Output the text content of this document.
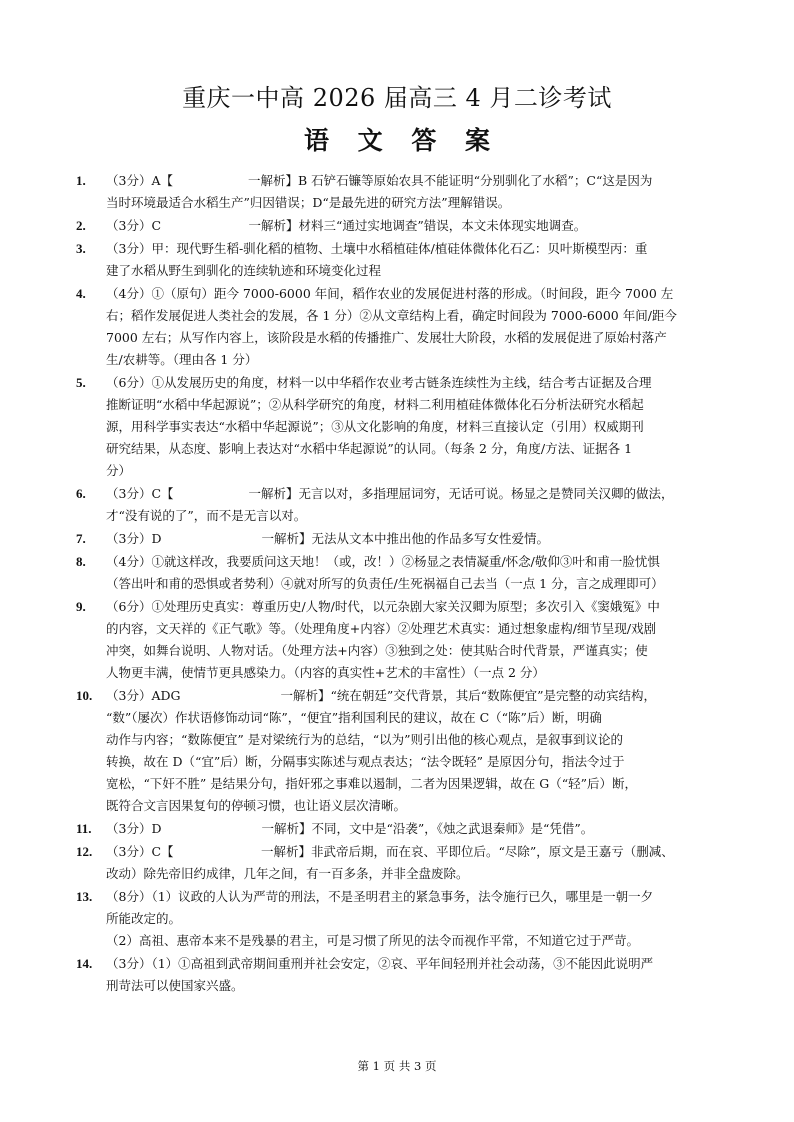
重庆一中高 2026 届高三 4 月二诊考试
语 文 答 案
1. （3分）A【　　　　　　一解析】B 石铲石镰等原始农具不能证明“分别驯化了水稻”；C“这是因为
当时环境最适合水稻生产”归因错误；D“是最先进的研究方法”理解错误。
2. （3分）C　　　　　　　一解析】材料三“通过实地调查”错误，本文未体现实地调查。
3. （3分）甲：现代野生稻-驯化稻的植物、土壤中水稻植硅体/植硅体微体化石乙：贝叶斯模型丙：重
建了水稻从野生到驯化的连续轨迹和环境变化过程
4. （4分）①（原句）距今 7000-6000 年间，稻作农业的发展促进村落的形成。（时间段，距今 7000 左
右；稻作发展促进人类社会的发展，各 1 分）②从文章结构上看，确定时间段为 7000-6000 年间/距今
7000 左右；从写作内容上，该阶段是水稻的传播推广、发展壮大阶段，水稻的发展促进了原始村落产
生/农耕等。（理由各 1 分）
5. （6分）①从发展历史的角度，材料一以中华稻作农业考古链条连续性为主线，结合考古证据及合理
推断证明“水稻中华起源说”；②从科学研究的角度，材料二利用植硅体微体化石分析法研究水稻起
源，用科学事实表达“水稻中华起源说”；③从文化影响的角度，材料三直接认定（引用）权威期刊
研究结果，从态度、影响上表达对“水稻中华起源说”的认同。（每条 2 分，角度/方法、证据各 1
分）
6. （3分）C【　　　　　　一解析】无言以对，多指理屈词穷，无话可说。杨显之是赞同关汉卿的做法，
才“没有说的了”，而不是无言以对。
7. （3分）D　　　　　　　　一解析】无法从文本中推出他的作品多写女性爱情。
8. （4分）①就这样改，我要质问这天地！（或，改！）②杨显之表情凝重/怀念/敬仰③叶和甫一脸忧惧
（答出叶和甫的恐惧或者势利）④就对所写的负责任/生死祸福自己去当（一点 1 分，言之成理即可）
9. （6分）①处理历史真实：尊重历史/人物/时代，以元杂剧大家关汉卿为原型；多次引入《窦娥冤》中
的内容，文天祥的《正气歌》等。（处理角度+内容）②处理艺术真实：通过想象虚构/细节呈现/戏剧
冲突，如舞台说明、人物对话。（处理方法+内容）③独到之处：使其贴合时代背景，严谨真实；使
人物更丰满，使情节更具感染力。（内容的真实性+艺术的丰富性）（一点 2 分）
10. （3分）ADG　　　　　　　　一解析】“统在朝廷”交代背景，其后“数陈便宜”是完整的动宾结构，
“数”（屡次）作状语修饰动词“陈”，“便宜”指利国利民的建议，故在 C（“陈”后）断，明确
动作与内容；“数陈便宜” 是对梁统行为的总结，“以为”则引出他的核心观点，是叙事到议论的
转换，故在 D（“宜”后）断，分隔事实陈述与观点表达；“法令既轻” 是原因分句，指法令过于
宽松，“下奸不胜” 是结果分句，指奸邪之事难以遏制，二者为因果逻辑，故在 G（“轻”后）断，
既符合文言因果复句的停顿习惯，也让语义层次清晰。
11. （3分）D　　　　　　　　一解析】不同，文中是“沿袭”，《烛之武退秦师》是“凭借”。
12. （3分）C【　　　　　　　一解析】非武帝后期，而在哀、平即位后。“尽除”，原文是王嘉亏（删减、
改动）除先帝旧约成律，几年之间，有一百多条，并非全盘废除。
13. （8分）（1）议政的人认为严苛的刑法，不是圣明君主的紧急事务，法令施行已久，哪里是一朝一夕
所能改定的。
（2）高祖、惠帝本来不是残暴的君主，可是习惯了所见的法令而视作平常，不知道它过于严苛。
14. （3分）（1）①高祖到武帝期间重刑并社会安定，②哀、平年间轻刑并社会动荡，③不能因此说明严
刑苛法可以使国家兴盛。
第 1 页 共 3 页
